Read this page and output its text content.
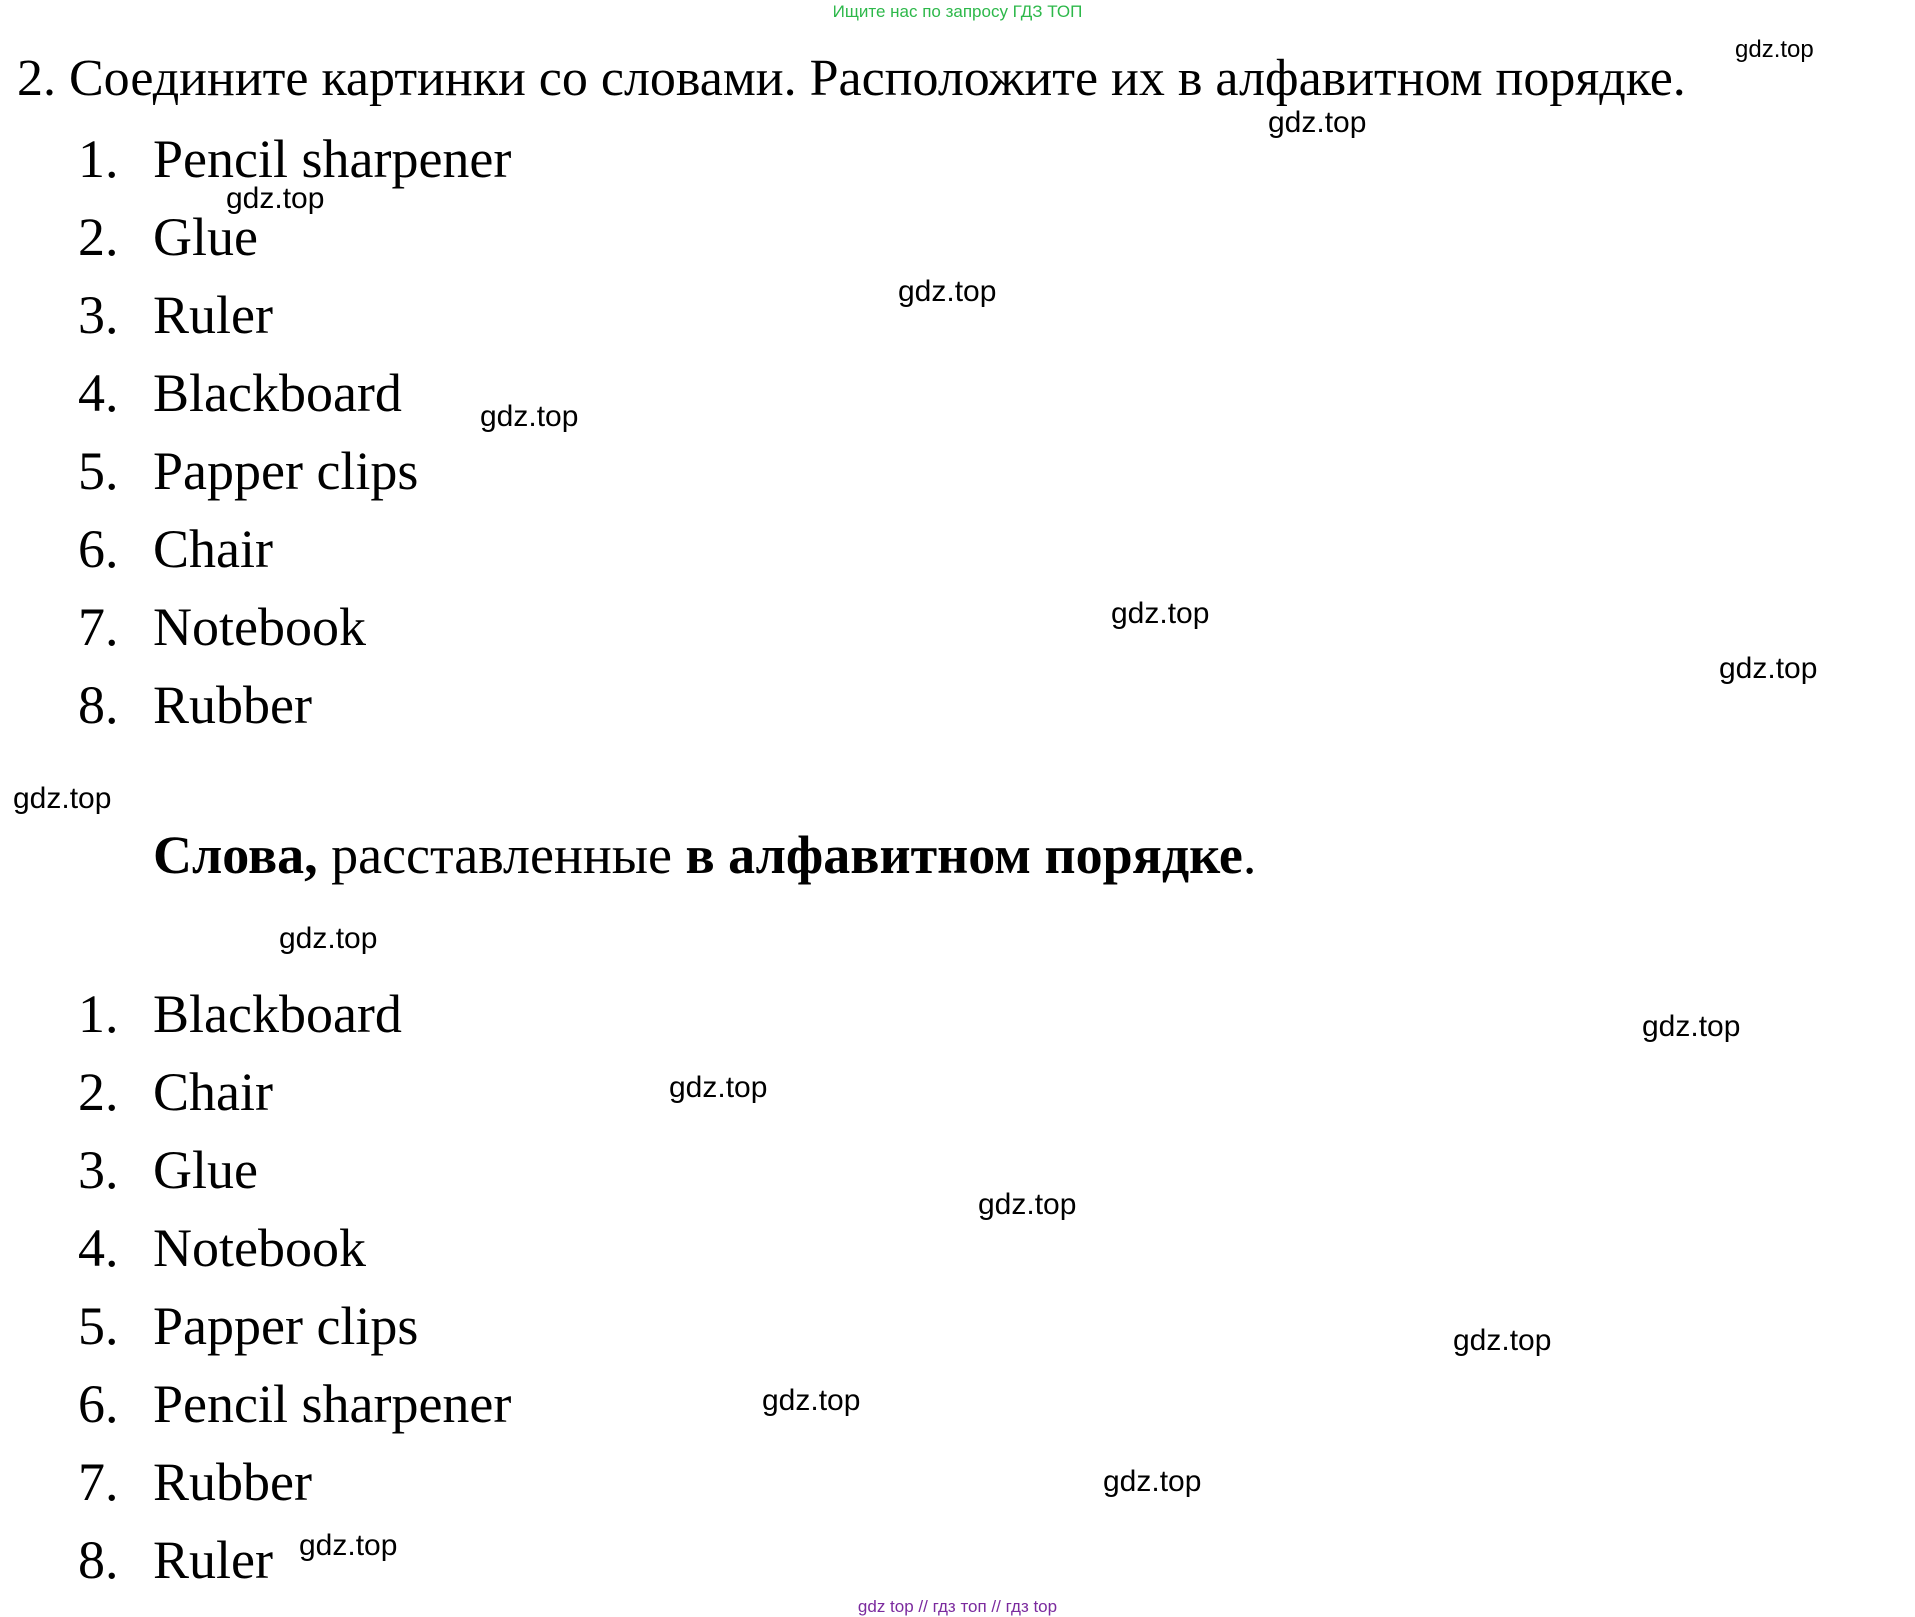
Ищите нас по запросу ГДЗ ТОП
2. Соедините картинки со словами. Расположите их в алфавитном порядке.
1. Pencil sharpener
2. Glue
3. Ruler
4. Blackboard
5. Papper clips
6. Chair
7. Notebook
8. Rubber
Слова, расставленные в алфавитном порядке.
1. Blackboard
2. Chair
3. Glue
4. Notebook
5. Papper clips
6. Pencil sharpener
7. Rubber
8. Ruler
gdz.top
gdz.top
gdz.top
gdz.top
gdz.top
gdz.top
gdz.top
gdz.top
gdz.top
gdz.top
gdz.top
gdz.top
gdz.top
gdz.top
gdz.top
gdz.top
gdz top // гдз топ // гдз top
